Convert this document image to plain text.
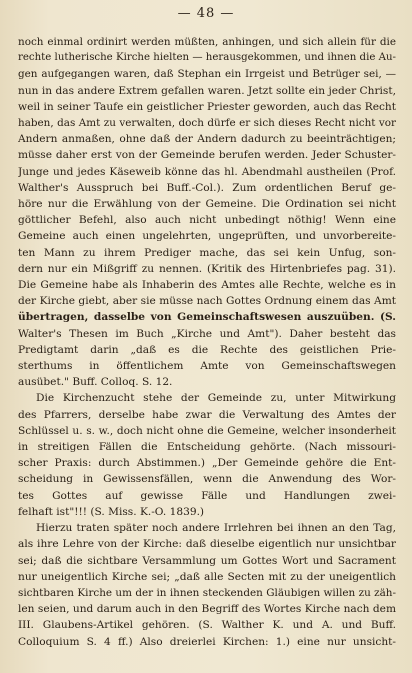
— 48 —
noch einmal ordinirt werden müßten, anhingen, und sich allein für die
rechte lutherische Kirche hielten — herausgekommen, und ihnen die Au-
gen aufgegangen waren, daß Stephan ein Irrgeist und Betrüger sei, —
nun in das andere Extrem gefallen waren. Jetzt sollte ein jeder Christ,
weil in seiner Taufe ein geistlicher Priester geworden, auch das Recht
haben, das Amt zu verwalten, doch dürfe er sich dieses Recht nicht vor
Andern anmaßen, ohne daß der Andern dadurch zu beeinträchtigen;
müsse daher erst von der Gemeinde berufen werden. Jeder Schuster-
Junge und jedes Käseweib könne das hl. Abendmahl austheilen (Prof.
Walther's Ausspruch bei Buff.-Col.). Zum ordentlichen Beruf ge-
höre nur die Erwählung von der Gemeine. Die Ordination sei nicht
göttlicher Befehl, also auch nicht unbedingt nöthig! Wenn eine
Gemeine auch einen ungelehrten, ungeprüften, und unvorbereite-
ten Mann zu ihrem Prediger mache, das sei kein Unfug, son-
dern nur ein Mißgriff zu nennen. (Kritik des Hirtenbriefes pag. 31).
Die Gemeine habe als Inhaberin des Amtes alle Rechte, welche es in
der Kirche giebt, aber sie müsse nach Gottes Ordnung einem das Amt
übertragen, dasselbe von Gemeinschaftswesen auszuüben. (S.
Walter's Thesen im Buch „Kirche und Amt"). Daher besteht das
Predigtamt darin „daß es die Rechte des geistlichen Prie-
sterthums in öffentlichem Amte von Gemeinschaftswegen
ausübet." Buff. Colloq. S. 12.
Die Kirchenzucht stehe der Gemeinde zu, unter Mitwirkung
des Pfarrers, derselbe habe zwar die Verwaltung des Amtes der
Schlüssel u. s. w., doch nicht ohne die Gemeine, welcher insonderheit
in streitigen Fällen die Entscheidung gehörte. (Nach missouri-
scher Praxis: durch Abstimmen.) „Der Gemeinde gehöre die Ent-
scheidung in Gewissensfällen, wenn die Anwendung des Wor-
tes Gottes auf gewisse Fälle und Handlungen zwei-
felhaft ist"!!! (S. Miss. K.-O. 1839.)
Hierzu traten später noch andere Irrlehren bei ihnen an den Tag,
als ihre Lehre von der Kirche: daß dieselbe eigentlich nur unsichtbar
sei; daß die sichtbare Versammlung um Gottes Wort und Sacrament
nur uneigentlich Kirche sei; „daß alle Secten mit zu der uneigentlich
sichtbaren Kirche um der in ihnen steckenden Gläubigen willen zu zäh-
len seien, und darum auch in den Begriff des Wortes Kirche nach dem
III. Glaubens-Artikel gehören. (S. Walther K. und A. und Buff.
Colloquium S. 4 ff.) Also dreierlei Kirchen: 1.) eine nur unsicht-
